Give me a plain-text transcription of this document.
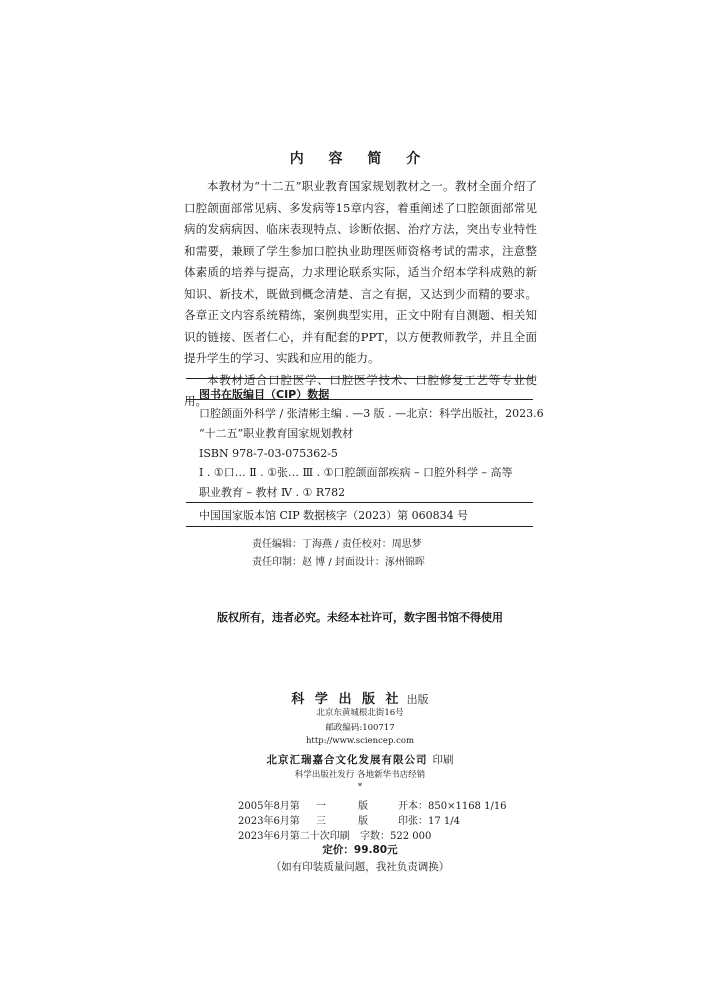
内 容 简 介

本教材为“十二五”职业教育国家规划教材之一。教材全面介绍了口腔颌面部常见病、多发病等15章内容，着重阐述了口腔颌面部常见病的发病病因、临床表现特点、诊断依据、治疗方法，突出专业特性和需要，兼顾了学生参加口腔执业助理医师资格考试的需求，注意整体素质的培养与提高，力求理论联系实际，适当介绍本学科成熟的新知识、新技术，既做到概念清楚、言之有据，又达到少而精的要求。各章正文内容系统精练，案例典型实用，正文中附有自测题、相关知识的链接、医者仁心，并有配套的PPT，以方便教师教学，并且全面提升学生的学习、实践和应用的能力。

本教材适合口腔医学、口腔医学技术、口腔修复工艺等专业使用。

图书在版编目（CIP）数据
口腔颌面外科学 / 张清彬主编 . —3 版 . —北京：科学出版社，2023.6
“十二五”职业教育国家规划教材
ISBN 978-7-03-075362-5
Ⅰ . ①口… Ⅱ . ①张… Ⅲ . ①口腔颌面部疾病 – 口腔外科学 – 高等
职业教育 – 教材 Ⅳ . ① R782
中国国家版本馆 CIP 数据核字（2023）第 060834 号
责任编辑：丁海燕 / 责任校对：周思梦
责任印制：赵 博 / 封面设计：涿州锦晖
版权所有，违者必究。未经本社许可，数字图书馆不得使用
科 学 出 版 社 出版
北京东黄城根北街16号
邮政编码:100717
http://www.sciencep.com
北京汇瑞嘉合文化发展有限公司 印刷
科学出版社发行 各地新华书店经销
*
2005年8月第 一	版	开本：850×1168 1/16
2023年6月第 三	版	印张：17 1/4
2023年6月第二十次印刷 字数：522 000
定价：99.80元
（如有印装质量问题，我社负责调换）
